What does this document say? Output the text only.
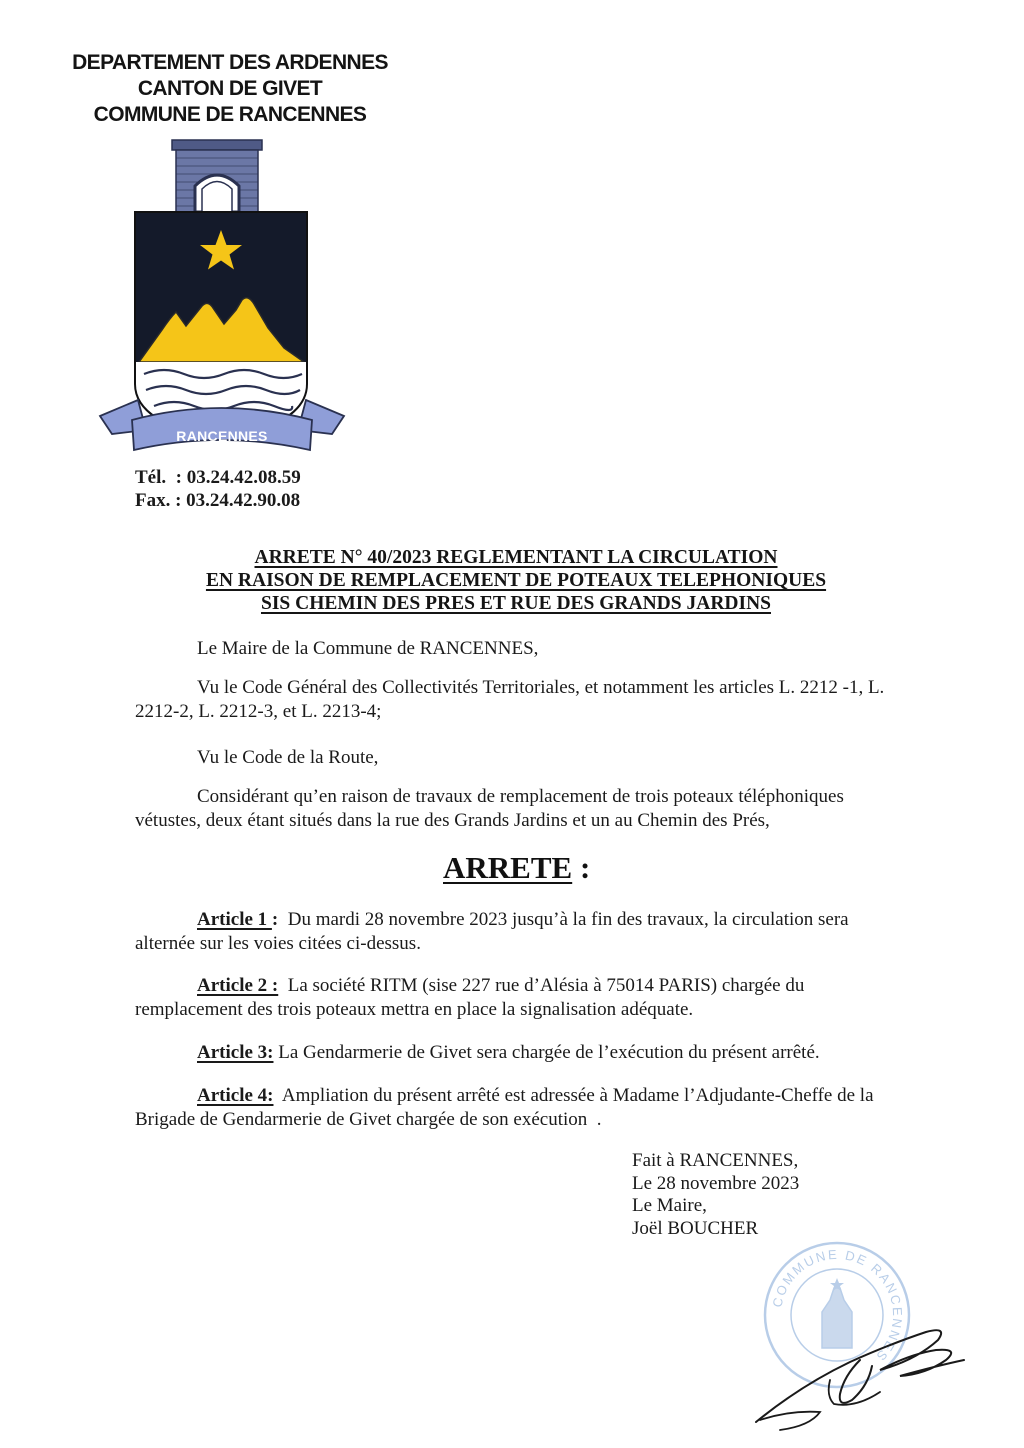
DEPARTEMENT DES ARDENNES
CANTON DE GIVET
COMMUNE DE RANCENNES
RANCENNES
Tél.  : 03.24.42.08.59
Fax. : 03.24.42.90.08
ARRETE N° 40/2023 REGLEMENTANT LA CIRCULATION
EN RAISON DE REMPLACEMENT DE POTEAUX TELEPHONIQUES
SIS CHEMIN DES PRES ET RUE DES GRANDS JARDINS
Le Maire de la Commune de RANCENNES,
Vu le Code Général des Collectivités Territoriales, et notamment les articles L. 2212 -1, L. 2212-2, L. 2212-3, et L. 2213-4;
Vu le Code de la Route,
Considérant qu’en raison de travaux de remplacement de trois poteaux téléphoniques vétustes, deux étant situés dans la rue des Grands Jardins et un au Chemin des Prés,
ARRETE :
Article 1 :  Du mardi 28 novembre 2023 jusqu’à la fin des travaux, la circulation sera alternée sur les voies citées ci-dessus.
Article 2 :  La société RITM (sise 227 rue d’Alésia à 75014 PARIS) chargée du remplacement des trois poteaux mettra en place la signalisation adéquate.
Article 3: La Gendarmerie de Givet sera chargée de l’exécution du présent arrêté.
Article 4:  Ampliation du présent arrêté est adressée à Madame l’Adjudante-Cheffe de la Brigade de Gendarmerie de Givet chargée de son exécution  .
Fait à RANCENNES,
Le 28 novembre 2023
Le Maire,
Joël BOUCHER
COMMUNE DE RANCENNES
